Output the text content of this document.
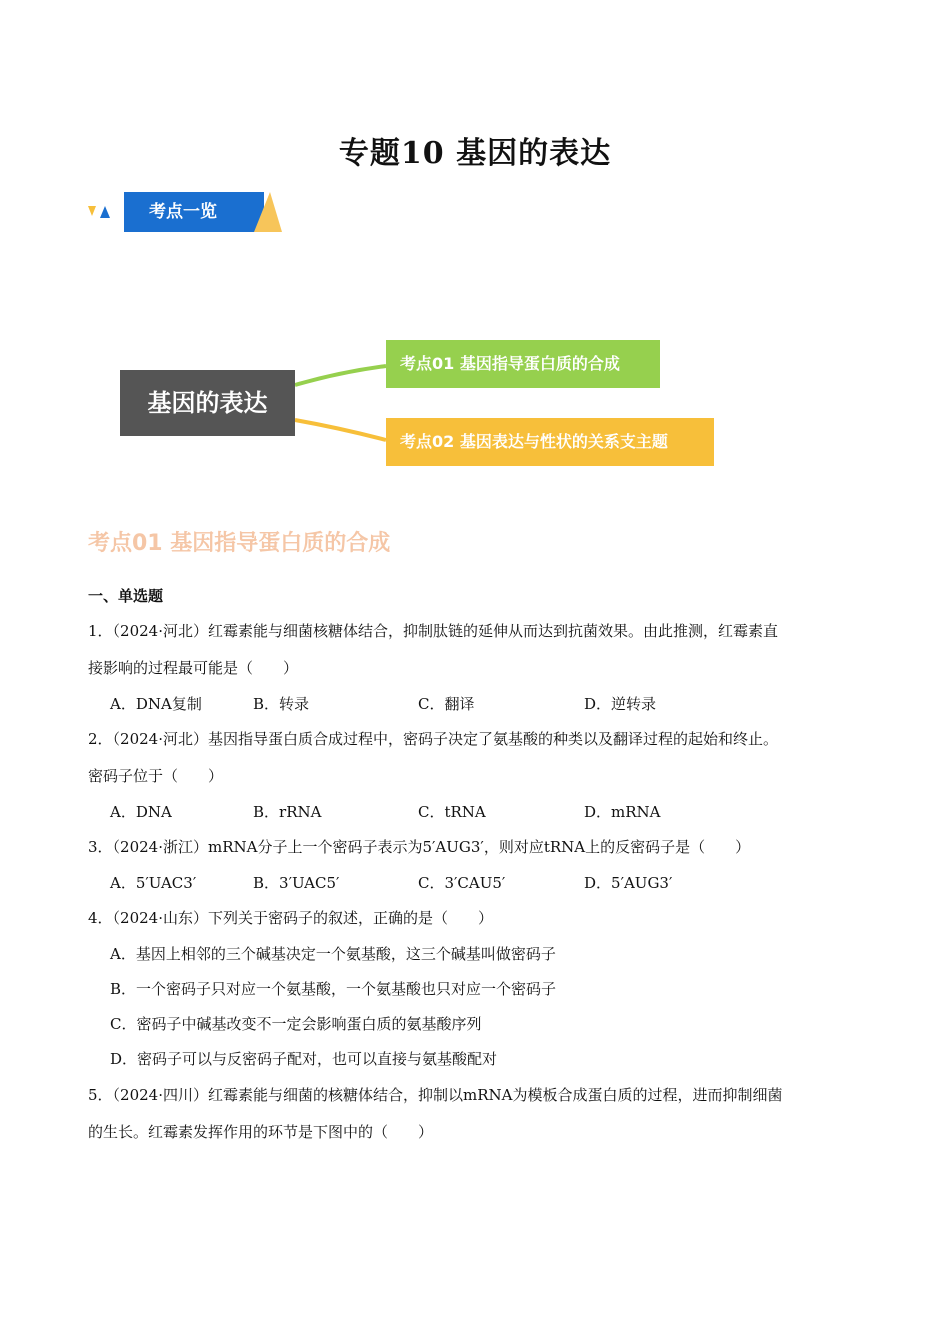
专题10 基因的表达
考点一览
基因的表达
考点01 基因指导蛋白质的合成
考点02 基因表达与性状的关系支主题
考点01 基因指导蛋白质的合成
一、单选题
1．（2024·河北）红霉素能与细菌核糖体结合，抑制肽链的延伸从而达到抗菌效果。由此推测，红霉素直
接影响的过程最可能是（　　）
A．DNA复制	B．转录	C．翻译	D．逆转录
2．（2024·河北）基因指导蛋白质合成过程中，密码子决定了氨基酸的种类以及翻译过程的起始和终止。
密码子位于（　　）
A．DNA	B．rRNA	C．tRNA	D．mRNA
3．（2024·浙江）mRNA分子上一个密码子表示为5′AUG3′，则对应tRNA上的反密码子是（　　）
A．5′UAC3′	B．3′UAC5′	C．3′CAU5′	D．5′AUG3′
4．（2024·山东）下列关于密码子的叙述，正确的是（　　）
A．基因上相邻的三个碱基决定一个氨基酸，这三个碱基叫做密码子
B．一个密码子只对应一个氨基酸，一个氨基酸也只对应一个密码子
C．密码子中碱基改变不一定会影响蛋白质的氨基酸序列
D．密码子可以与反密码子配对，也可以直接与氨基酸配对
5．（2024·四川）红霉素能与细菌的核糖体结合，抑制以mRNA为模板合成蛋白质的过程，进而抑制细菌
的生长。红霉素发挥作用的环节是下图中的（　　）
